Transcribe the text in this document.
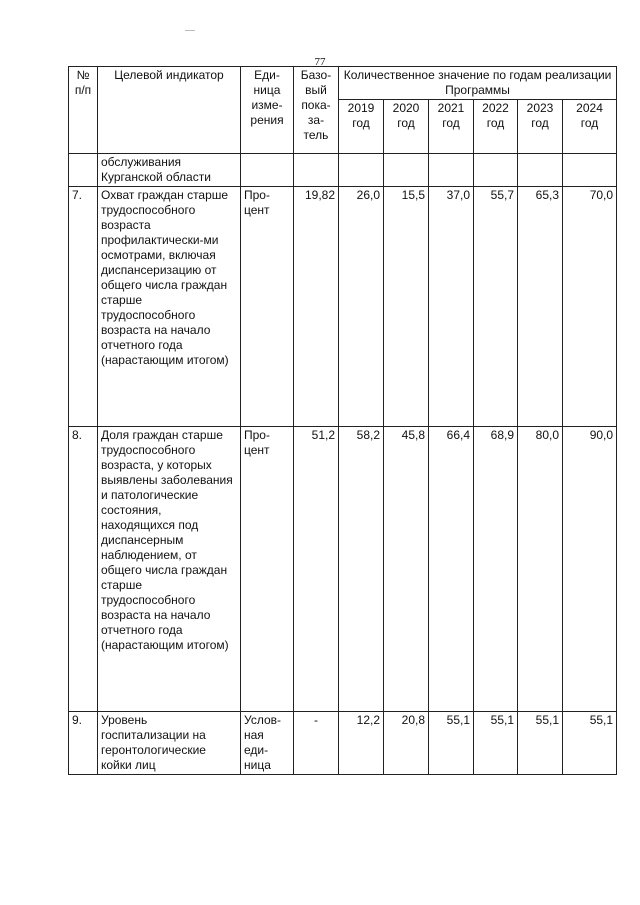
77
№ п/п	Целевой индикатор	Еди-ница изме-рения	Базо-вый пока-за-тель	Количественное значение по годам реализации Программы					
				2019 год	2020 год	2021 год	2022 год	2023 год	2024 год
	обслуживания Курганской области								
7.	Охват граждан старше трудоспособного возраста профилактически-ми осмотрами, включая диспансеризацию от общего числа граждан старше трудоспособного возраста на начало отчетного года (нарастающим итогом)	Про-цент	19,82	26,0	15,5	37,0	55,7	65,3	70,0
8.	Доля граждан старше трудоспособного возраста, у которых выявлены заболевания и патологические состояния, находящихся под диспансерным наблюдением, от общего числа граждан старше трудоспособного возраста на начало отчетного года (нарастающим итогом)	Про-цент	51,2	58,2	45,8	66,4	68,9	80,0	90,0
9.	Уровень госпитализации на геронтологические койки лиц	Услов-ная еди-ница	-	12,2	20,8	55,1	55,1	55,1	55,1
